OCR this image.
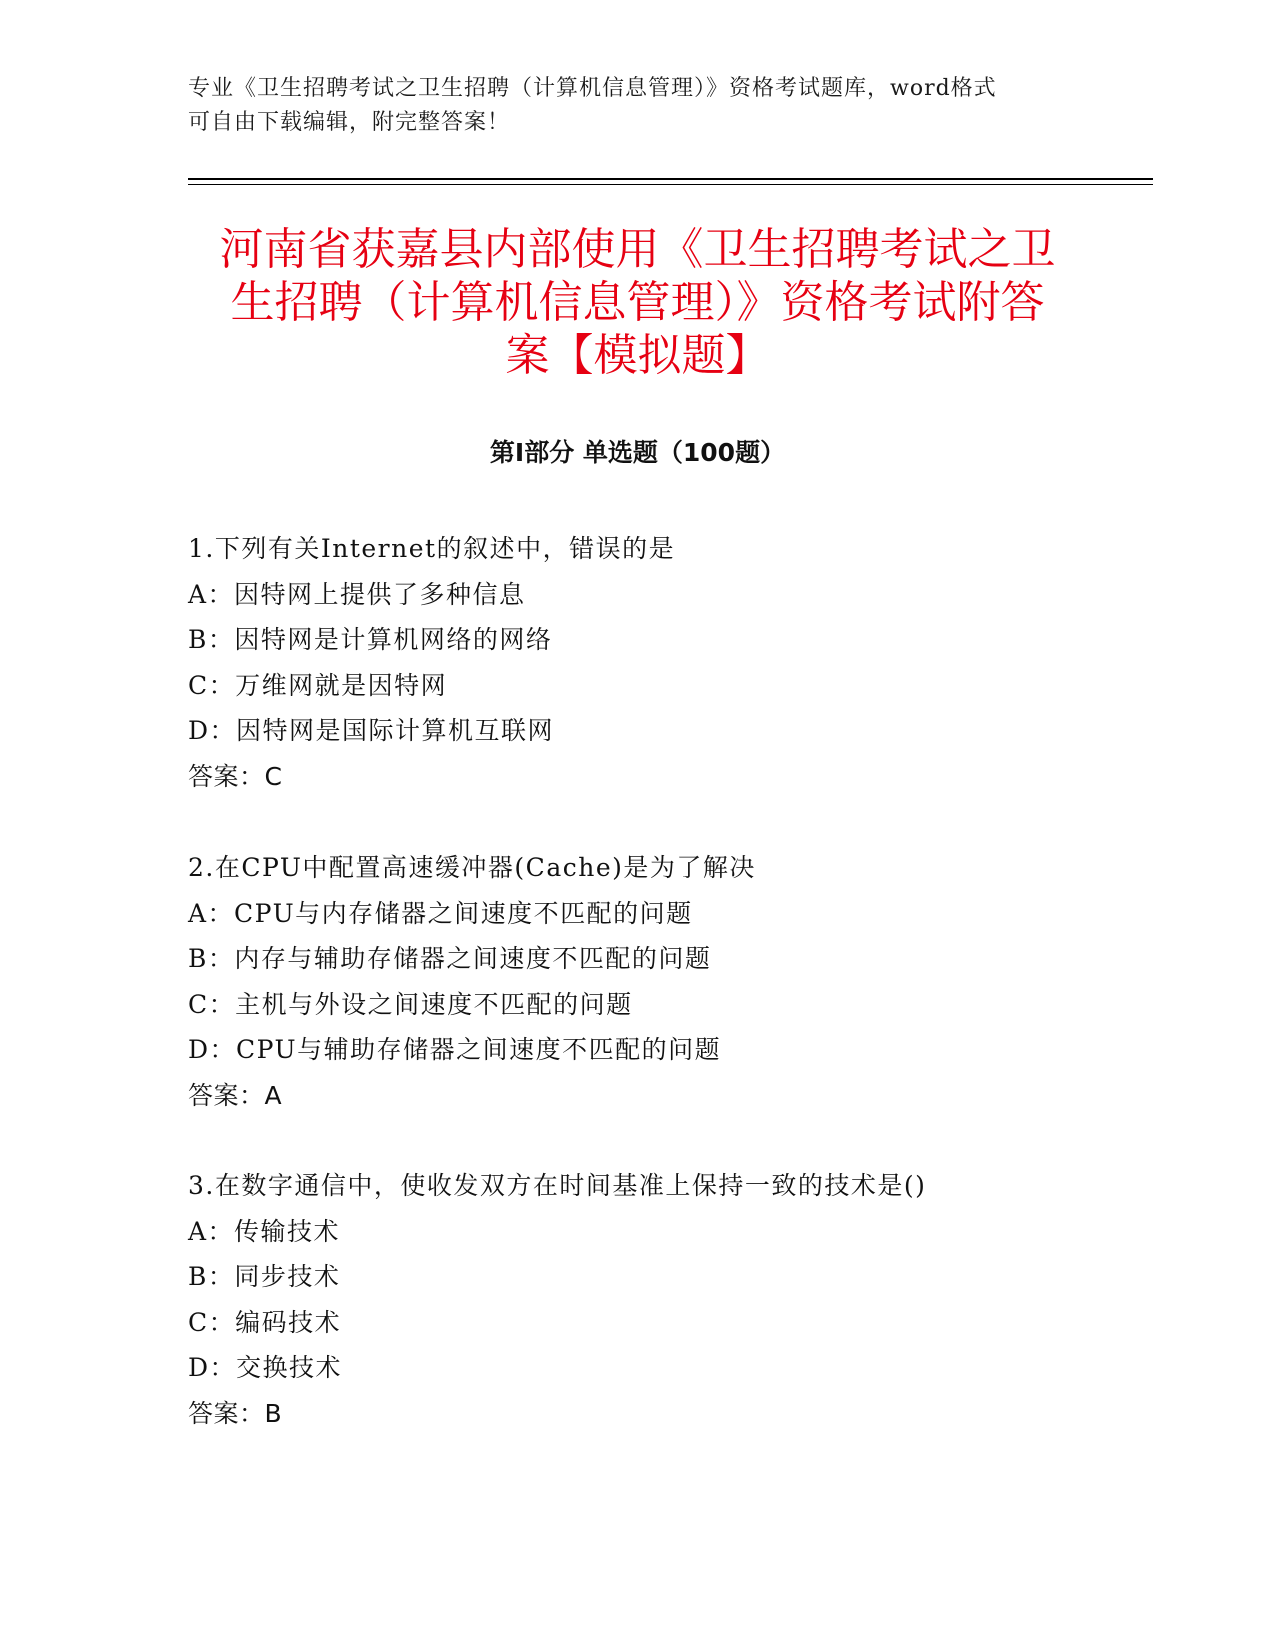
专业《卫生招聘考试之卫生招聘（计算机信息管理）》资格考试题库，word格式
可自由下载编辑，附完整答案！
河南省获嘉县内部使用《卫生招聘考试之卫
生招聘（计算机信息管理）》资格考试附答
案【模拟题】
第Ⅰ部分 单选题（100题）
1.下列有关Internet的叙述中，错误的是
A：因特网上提供了多种信息
B：因特网是计算机网络的网络
C：万维网就是因特网
D：因特网是国际计算机互联网
答案：C
2.在CPU中配置高速缓冲器(Cache)是为了解决
A：CPU与内存储器之间速度不匹配的问题
B：内存与辅助存储器之间速度不匹配的问题
C：主机与外设之间速度不匹配的问题
D：CPU与辅助存储器之间速度不匹配的问题
答案：A
3.在数字通信中，使收发双方在时间基准上保持一致的技术是()
A：传输技术
B：同步技术
C：编码技术
D：交换技术
答案：B
